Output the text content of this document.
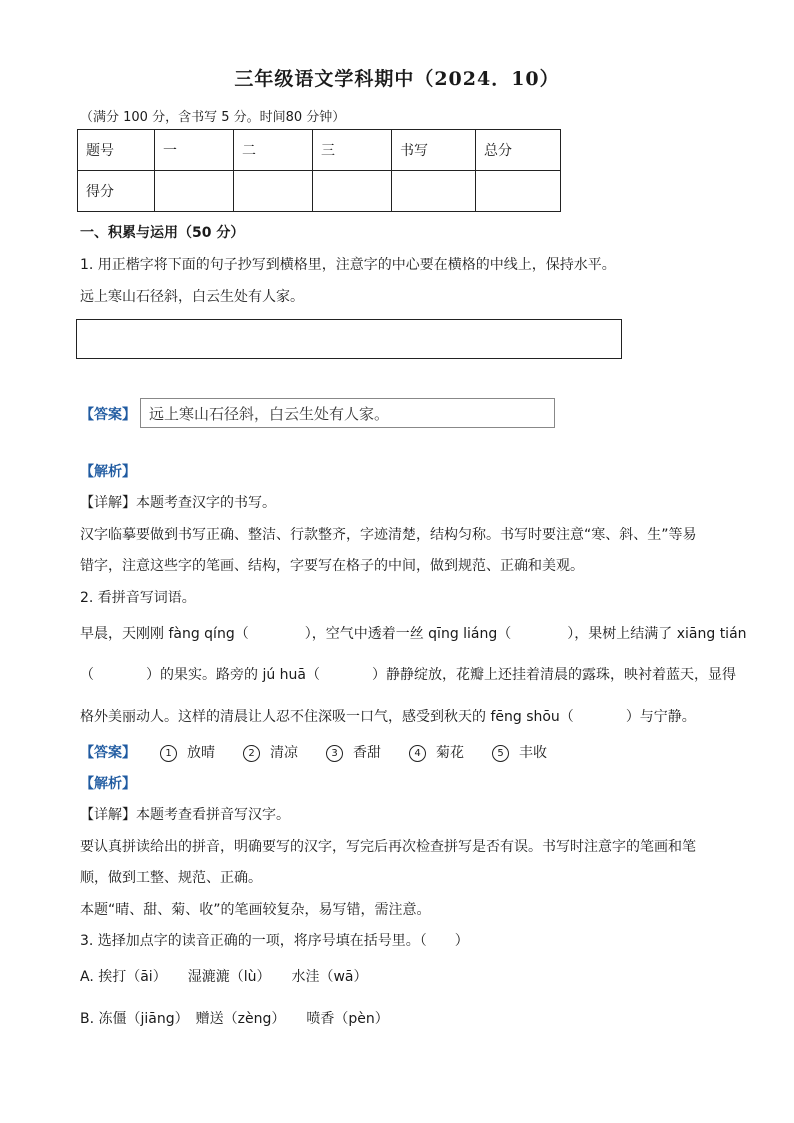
三年级语文学科期中（2024．10）
（满分 100 分，含书写 5 分。时间80 分钟）
题号	一	二	三	书写	总分
得分					
一、积累与运用（50 分）
1. 用正楷字将下面的句子抄写到横格里，注意字的中心要在横格的中线上，保持水平。
远上寒山石径斜，白云生处有人家。
【答案】 远上寒山石径斜，白云生处有人家。
【解析】
【详解】本题考查汉字的书写。
汉字临摹要做到书写正确、整洁、行款整齐，字迹清楚，结构匀称。书写时要注意“寒、斜、生”等易
错字，注意这些字的笔画、结构，字要写在格子的中间，做到规范、正确和美观。
2. 看拼音写词语。
早晨，天刚刚 fàng qíng（	），空气中透着一丝 qīng liáng（	），果树上结满了 xiāng tián
（	）的果实。路旁的 jú huā（	）静静绽放，花瓣上还挂着清晨的露珠，映衬着蓝天，显得
格外美丽动人。这样的清晨让人忍不住深吸一口气，感受到秋天的 fēng shōu（	）与宁静。
【答案】	1 放晴	2 清凉	3 香甜	4 菊花	5 丰收
【解析】
【详解】本题考查看拼音写汉字。
要认真拼读给出的拼音，明确要写的汉字，写完后再次检查拼写是否有误。书写时注意字的笔画和笔
顺，做到工整、规范、正确。
本题“晴、甜、菊、收”的笔画较复杂，易写错，需注意。
3. 选择加点字的读音正确的一项，将序号填在括号里。（　　）
A. 挨打（āi）　　湿漉漉（lù）　　水洼（wā）
B. 冻僵（jiāng）　赠送（zèng）　　喷香（pèn）
